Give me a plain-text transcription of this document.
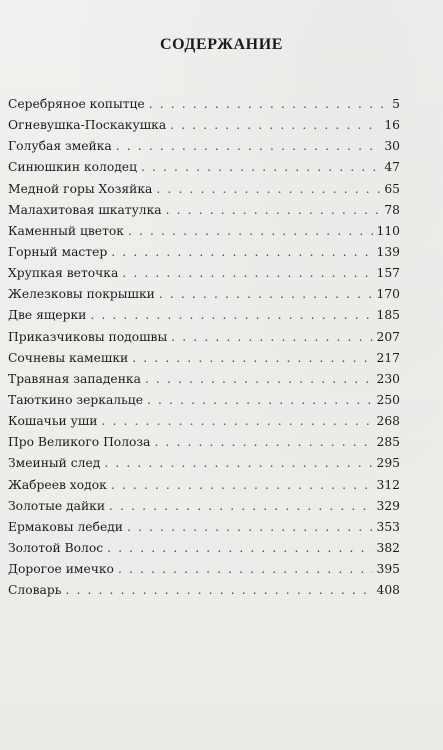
СОДЕРЖАНИЕ
Серебряное копытце . . .	5
Огневушка-Поскакушка . . .	16
Голубая змейка . . .	30
Синюшкин колодец . . .	47
Медной горы Хозяйка . . .	65
Малахитовая шкатулка . . .	78
Каменный цветок . . .	110
Горный мастер . . .	139
Хрупкая веточка . . .	157
Железковы покрышки . . .	170
Две ящерки . . .	185
Приказчиковы подошвы . . .	207
Сочневы камешки . . .	217
Травяная западенка . . .	230
Таюткино зеркальце . . .	250
Кошачьи уши . . .	268
Про Великого Полоза . . .	285
Змеиный след . . .	295
Жабреев ходок . . .	312
Золотые дайки . . .	329
Ермаковы лебеди . . .	353
Золотой Волос . . .	382
Дорогое имечко . . .	395
Словарь . . .	408
